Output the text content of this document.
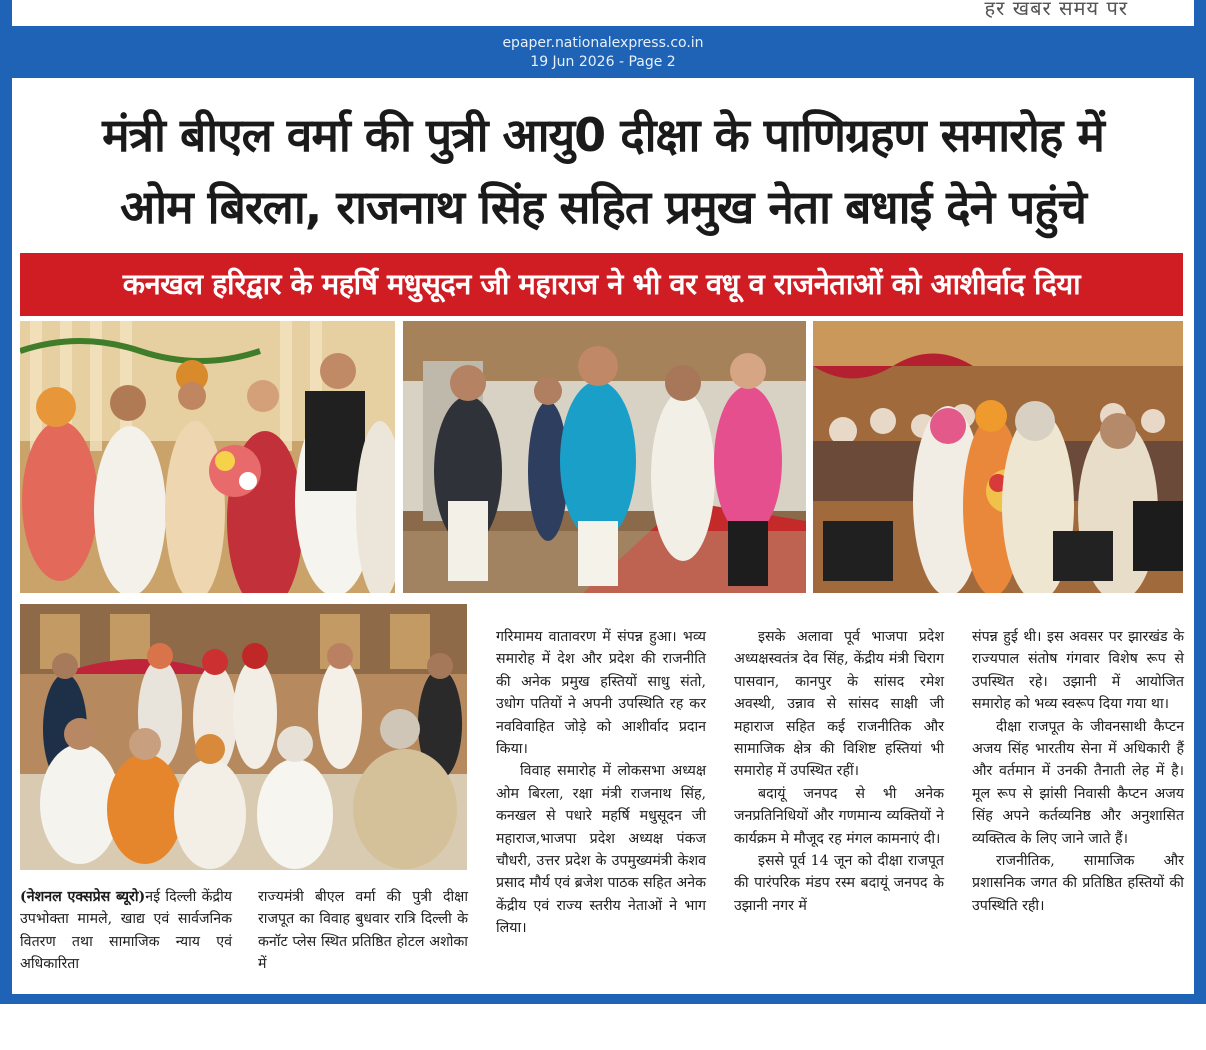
हर खबर समय पर
epaper.nationalexpress.co.in
19 Jun 2026 - Page 2
मंत्री बीएल वर्मा की पुत्री आयु0 दीक्षा के पाणिग्रहण समारोह में
ओम बिरला, राजनाथ सिंह सहित प्रमुख नेता बधाई देने पहुंचे
कनखल हरिद्वार के महर्षि मधुसूदन जी महाराज ने भी वर वधू व राजनेताओं को आशीर्वाद दिया

(नेशनल एक्सप्रेस ब्यूरो)नई दिल्ली केंद्रीय उपभोक्ता मामले, खाद्य एवं सार्वजनिक वितरण तथा सामाजिक न्याय एवं अधिकारिता

राज्यमंत्री बीएल वर्मा की पुत्री दीक्षा राजपूत का विवाह बुधवार रात्रि दिल्ली के कनॉट प्लेस स्थित प्रतिष्ठित होटल अशोका में

गरिमामय वातावरण में संपन्न हुआ। भव्य समारोह में देश और प्रदेश की राजनीति की अनेक प्रमुख हस्तियों साधु संतो, उधोग पतियों ने अपनी उपस्थिति रह कर नवविवाहित जोड़े को आशीर्वाद प्रदान किया।

विवाह समारोह में लोकसभा अध्यक्ष ओम बिरला, रक्षा मंत्री राजनाथ सिंह, कनखल से पधारे महर्षि मधुसूदन जी महाराज,भाजपा प्रदेश अध्यक्ष पंकज चौधरी, उत्तर प्रदेश के उपमुख्यमंत्री केशव प्रसाद मौर्य एवं ब्रजेश पाठक सहित अनेक केंद्रीय एवं राज्य स्तरीय नेताओं ने भाग लिया।

इसके अलावा पूर्व भाजपा प्रदेश अध्यक्षस्वतंत्र देव सिंह, केंद्रीय मंत्री चिराग पासवान, कानपुर के सांसद रमेश अवस्थी, उन्नाव से सांसद साक्षी जी महाराज सहित कई राजनीतिक और सामाजिक क्षेत्र की विशिष्ट हस्तियां भी समारोह में उपस्थित रहीं।

बदायूं जनपद से भी अनेक जनप्रतिनिधियों और गणमान्य व्यक्तियों ने कार्यक्रम मे मौजूद रह मंगल कामनाएं दी।

इससे पूर्व 14 जून को दीक्षा राजपूत की पारंपरिक मंडप रस्म बदायूं जनपद के उझानी नगर में

संपन्न हुई थी। इस अवसर पर झारखंड के राज्यपाल संतोष गंगवार विशेष रूप से उपस्थित रहे। उझानी में आयोजित समारोह को भव्य स्वरूप दिया गया था।

दीक्षा राजपूत के जीवनसाथी कैप्टन अजय सिंह भारतीय सेना में अधिकारी हैं और वर्तमान में उनकी तैनाती लेह में है। मूल रूप से झांसी निवासी कैप्टन अजय सिंह अपने कर्तव्यनिष्ठ और अनुशासित व्यक्तित्व के लिए जाने जाते हैं।

राजनीतिक, सामाजिक और प्रशासनिक जगत की प्रतिष्ठित हस्तियों की उपस्थिति रही।
